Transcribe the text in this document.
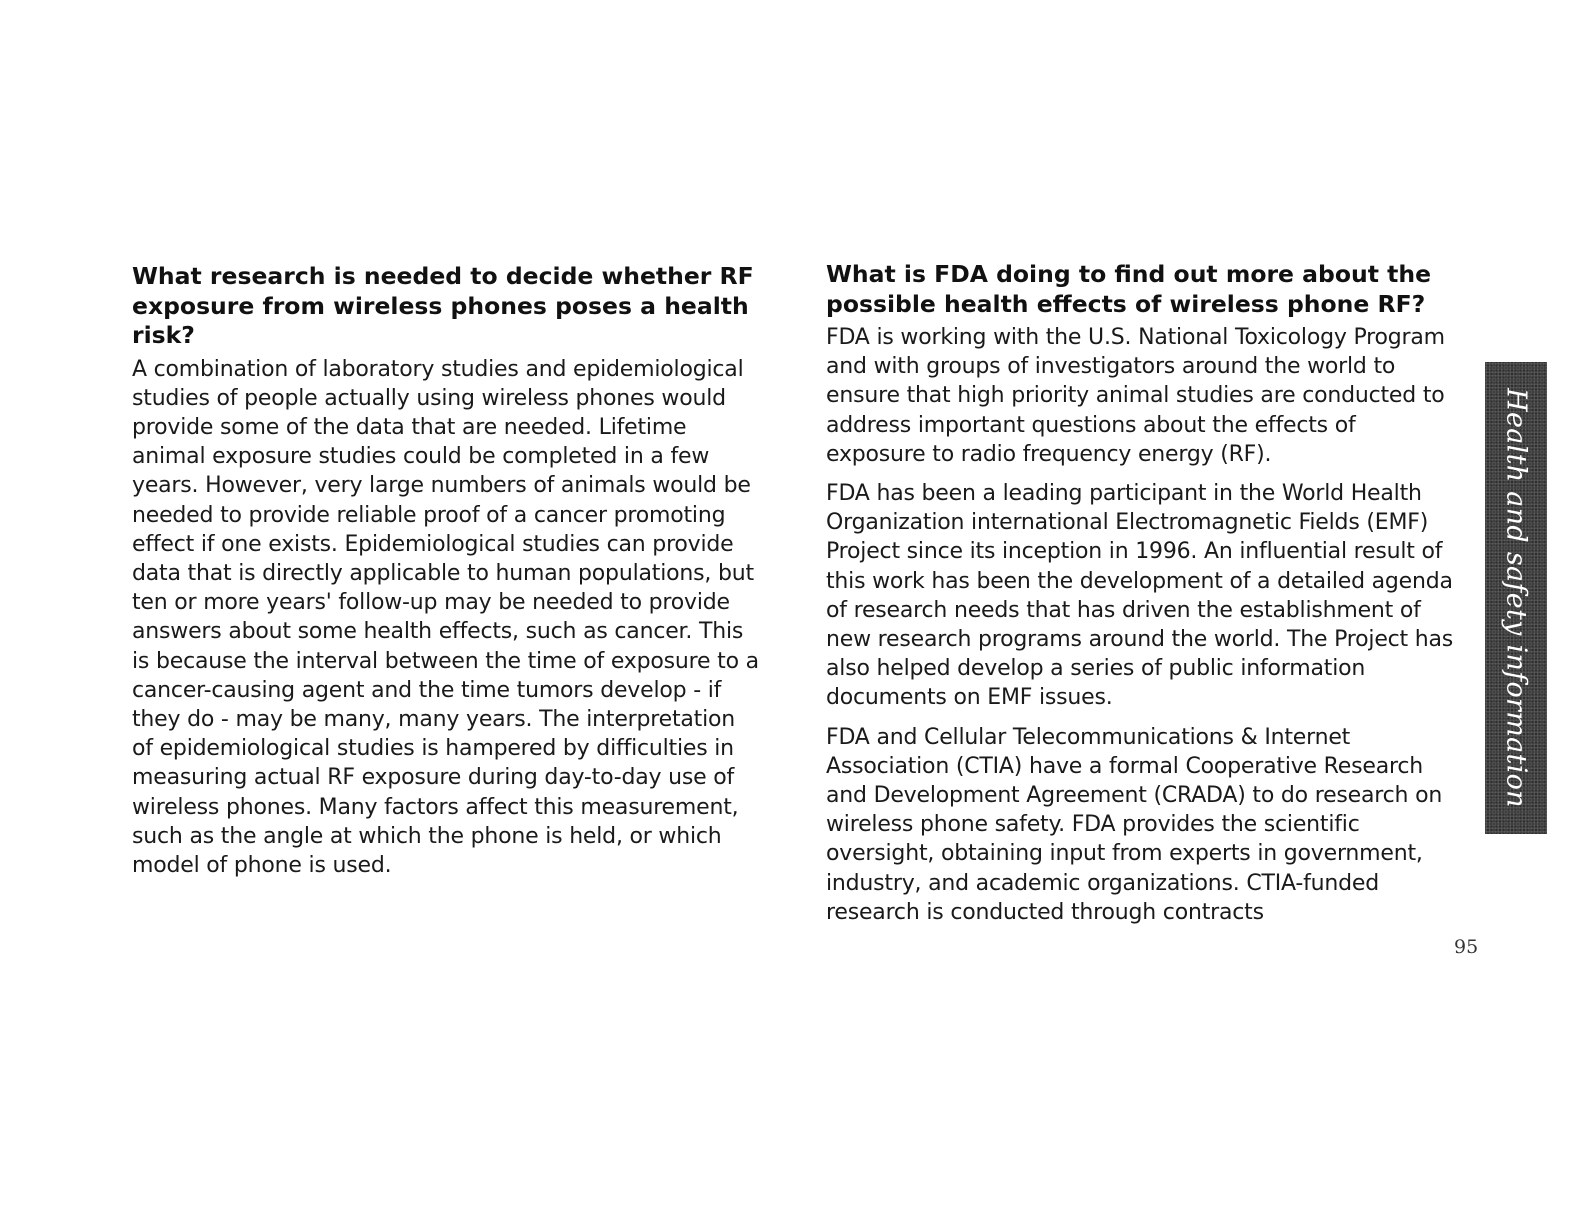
What research is needed to decide whether RF exposure from wireless phones poses a health risk?

A combination of laboratory studies and epidemiological studies of people actually using wireless phones would provide some of the data that are needed. Lifetime animal exposure studies could be completed in a few years. However, very large numbers of animals would be needed to provide reliable proof of a cancer promoting effect if one exists. Epidemiological studies can provide data that is directly applicable to human populations, but ten or more years' follow-up may be needed to provide answers about some health effects, such as cancer. This is because the interval between the time of exposure to a cancer-causing agent and the time tumors develop - if they do - may be many, many years. The interpretation of epidemiological studies is hampered by difficulties in measuring actual RF exposure during day-to-day use of wireless phones. Many factors affect this measurement, such as the angle at which the phone is held, or which model of phone is used.

What is FDA doing to find out more about the possible health effects of wireless phone RF?

FDA is working with the U.S. National Toxicology Program and with groups of investigators around the world to ensure that high priority animal studies are conducted to address important questions about the effects of exposure to radio frequency energy (RF).

FDA has been a leading participant in the World Health Organization international Electromagnetic Fields (EMF) Project since its inception in 1996. An influential result of this work has been the development of a detailed agenda of research needs that has driven the establishment of new research programs around the world. The Project has also helped develop a series of public information documents on EMF issues.

FDA and Cellular Telecommunications & Internet Association (CTIA) have a formal Cooperative Research and Development Agreement (CRADA) to do research on wireless phone safety. FDA provides the scientific oversight, obtaining input from experts in government, industry, and academic organizations. CTIA-funded research is conducted through contracts

Health and safety information
95
